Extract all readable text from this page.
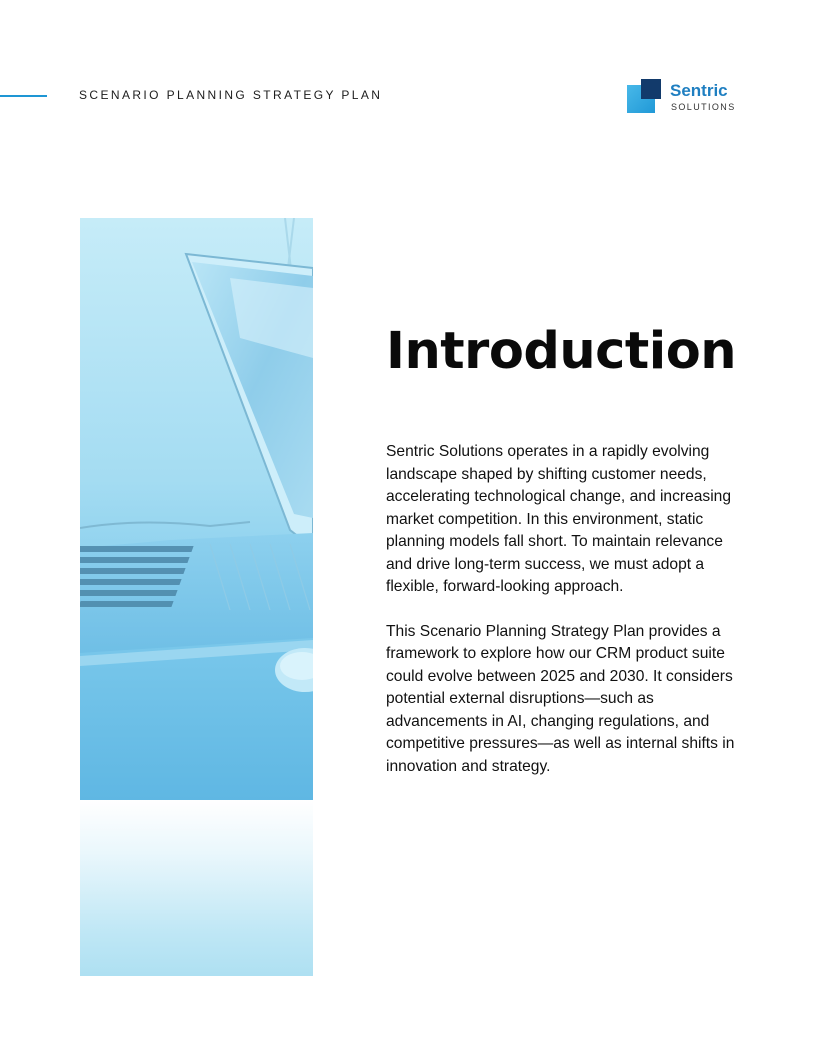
SCENARIO PLANNING STRATEGY PLAN	Sentric
SOLUTIONS
Introduction

Sentric Solutions operates in a rapidly evolving landscape shaped by shifting customer needs, accelerating technological change, and increasing market competition. In this environment, static planning models fall short. To maintain relevance and drive long-term success, we must adopt a flexible, forward-looking approach.

This Scenario Planning Strategy Plan provides a framework to explore how our CRM product suite could evolve between 2025 and 2030. It considers potential external disruptions—such as advancements in AI, changing regulations, and competitive pressures—as well as internal shifts in innovation and strategy.
